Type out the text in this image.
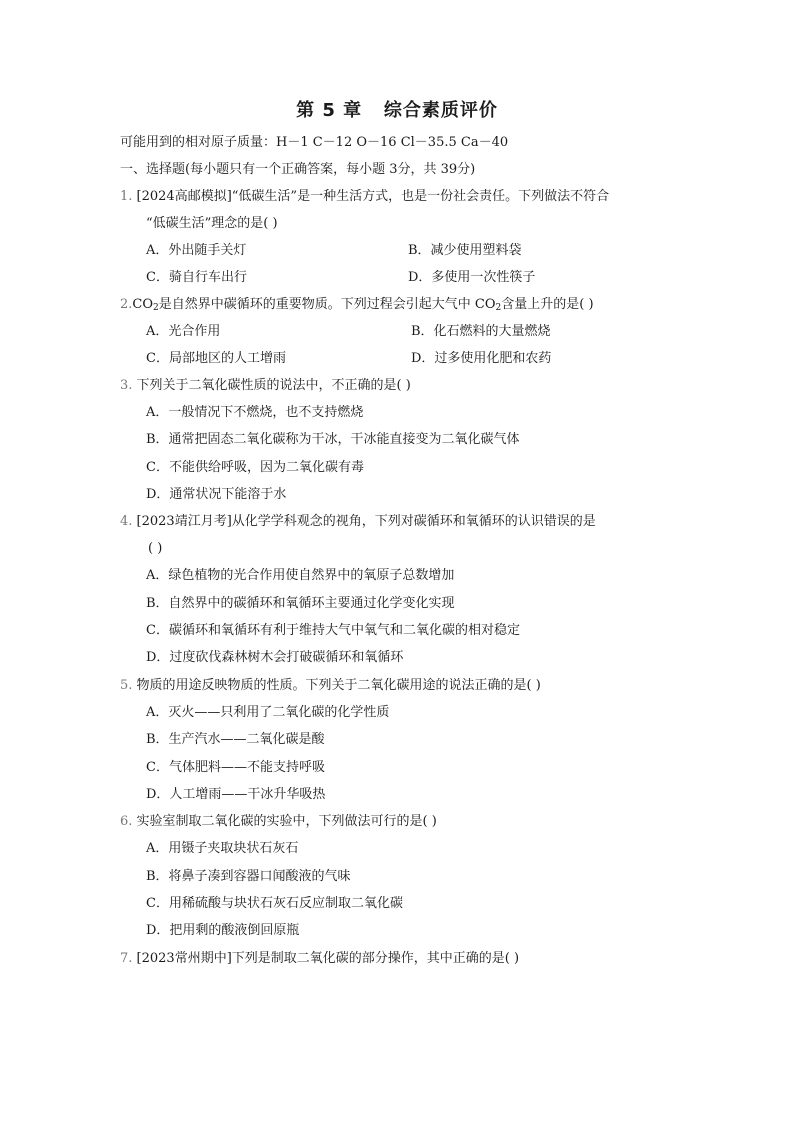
第 5 章   综合素质评价
可能用到的相对原子质量：H－1 C－12 O－16 Cl－35.5 Ca－40
一、选择题(每小题只有一个正确答案，每小题 3分，共 39分)
1. [2024高邮模拟]“低碳生活”是一种生活方式，也是一份社会责任。下列做法不符合
“低碳生活”理念的是( )
A．外出随手关灯	B．减少使用塑料袋
C．骑自行车出行	D．多使用一次性筷子
$2.CO_2$是自然界中碳循环的重要物质。下列过程会引起大气中 $CO_2$含量上升的是( )
A．光合作用	B．化石燃料的大量燃烧
C．局部地区的人工增雨	D．过多使用化肥和农药
3. 下列关于二氧化碳性质的说法中，不正确的是( )
A．一般情况下不燃烧，也不支持燃烧
B．通常把固态二氧化碳称为干冰，干冰能直接变为二氧化碳气体
C．不能供给呼吸，因为二氧化碳有毒
D．通常状况下能溶于水
4. [2023靖江月考]从化学学科观念的视角，下列对碳循环和氧循环的认识错误的是
( )
A．绿色植物的光合作用使自然界中的氧原子总数增加
B．自然界中的碳循环和氧循环主要通过化学变化实现
C．碳循环和氧循环有利于维持大气中氧气和二氧化碳的相对稳定
D．过度砍伐森林树木会打破碳循环和氧循环
5. 物质的用途反映物质的性质。下列关于二氧化碳用途的说法正确的是( )
A．灭火——只利用了二氧化碳的化学性质
B．生产汽水——二氧化碳是酸
C．气体肥料——不能支持呼吸
D．人工增雨——干冰升华吸热
6. 实验室制取二氧化碳的实验中，下列做法可行的是( )
A．用镊子夹取块状石灰石
B．将鼻子凑到容器口闻酸液的气味
C．用稀硫酸与块状石灰石反应制取二氧化碳
D．把用剩的酸液倒回原瓶
7. [2023常州期中]下列是制取二氧化碳的部分操作，其中正确的是( )
